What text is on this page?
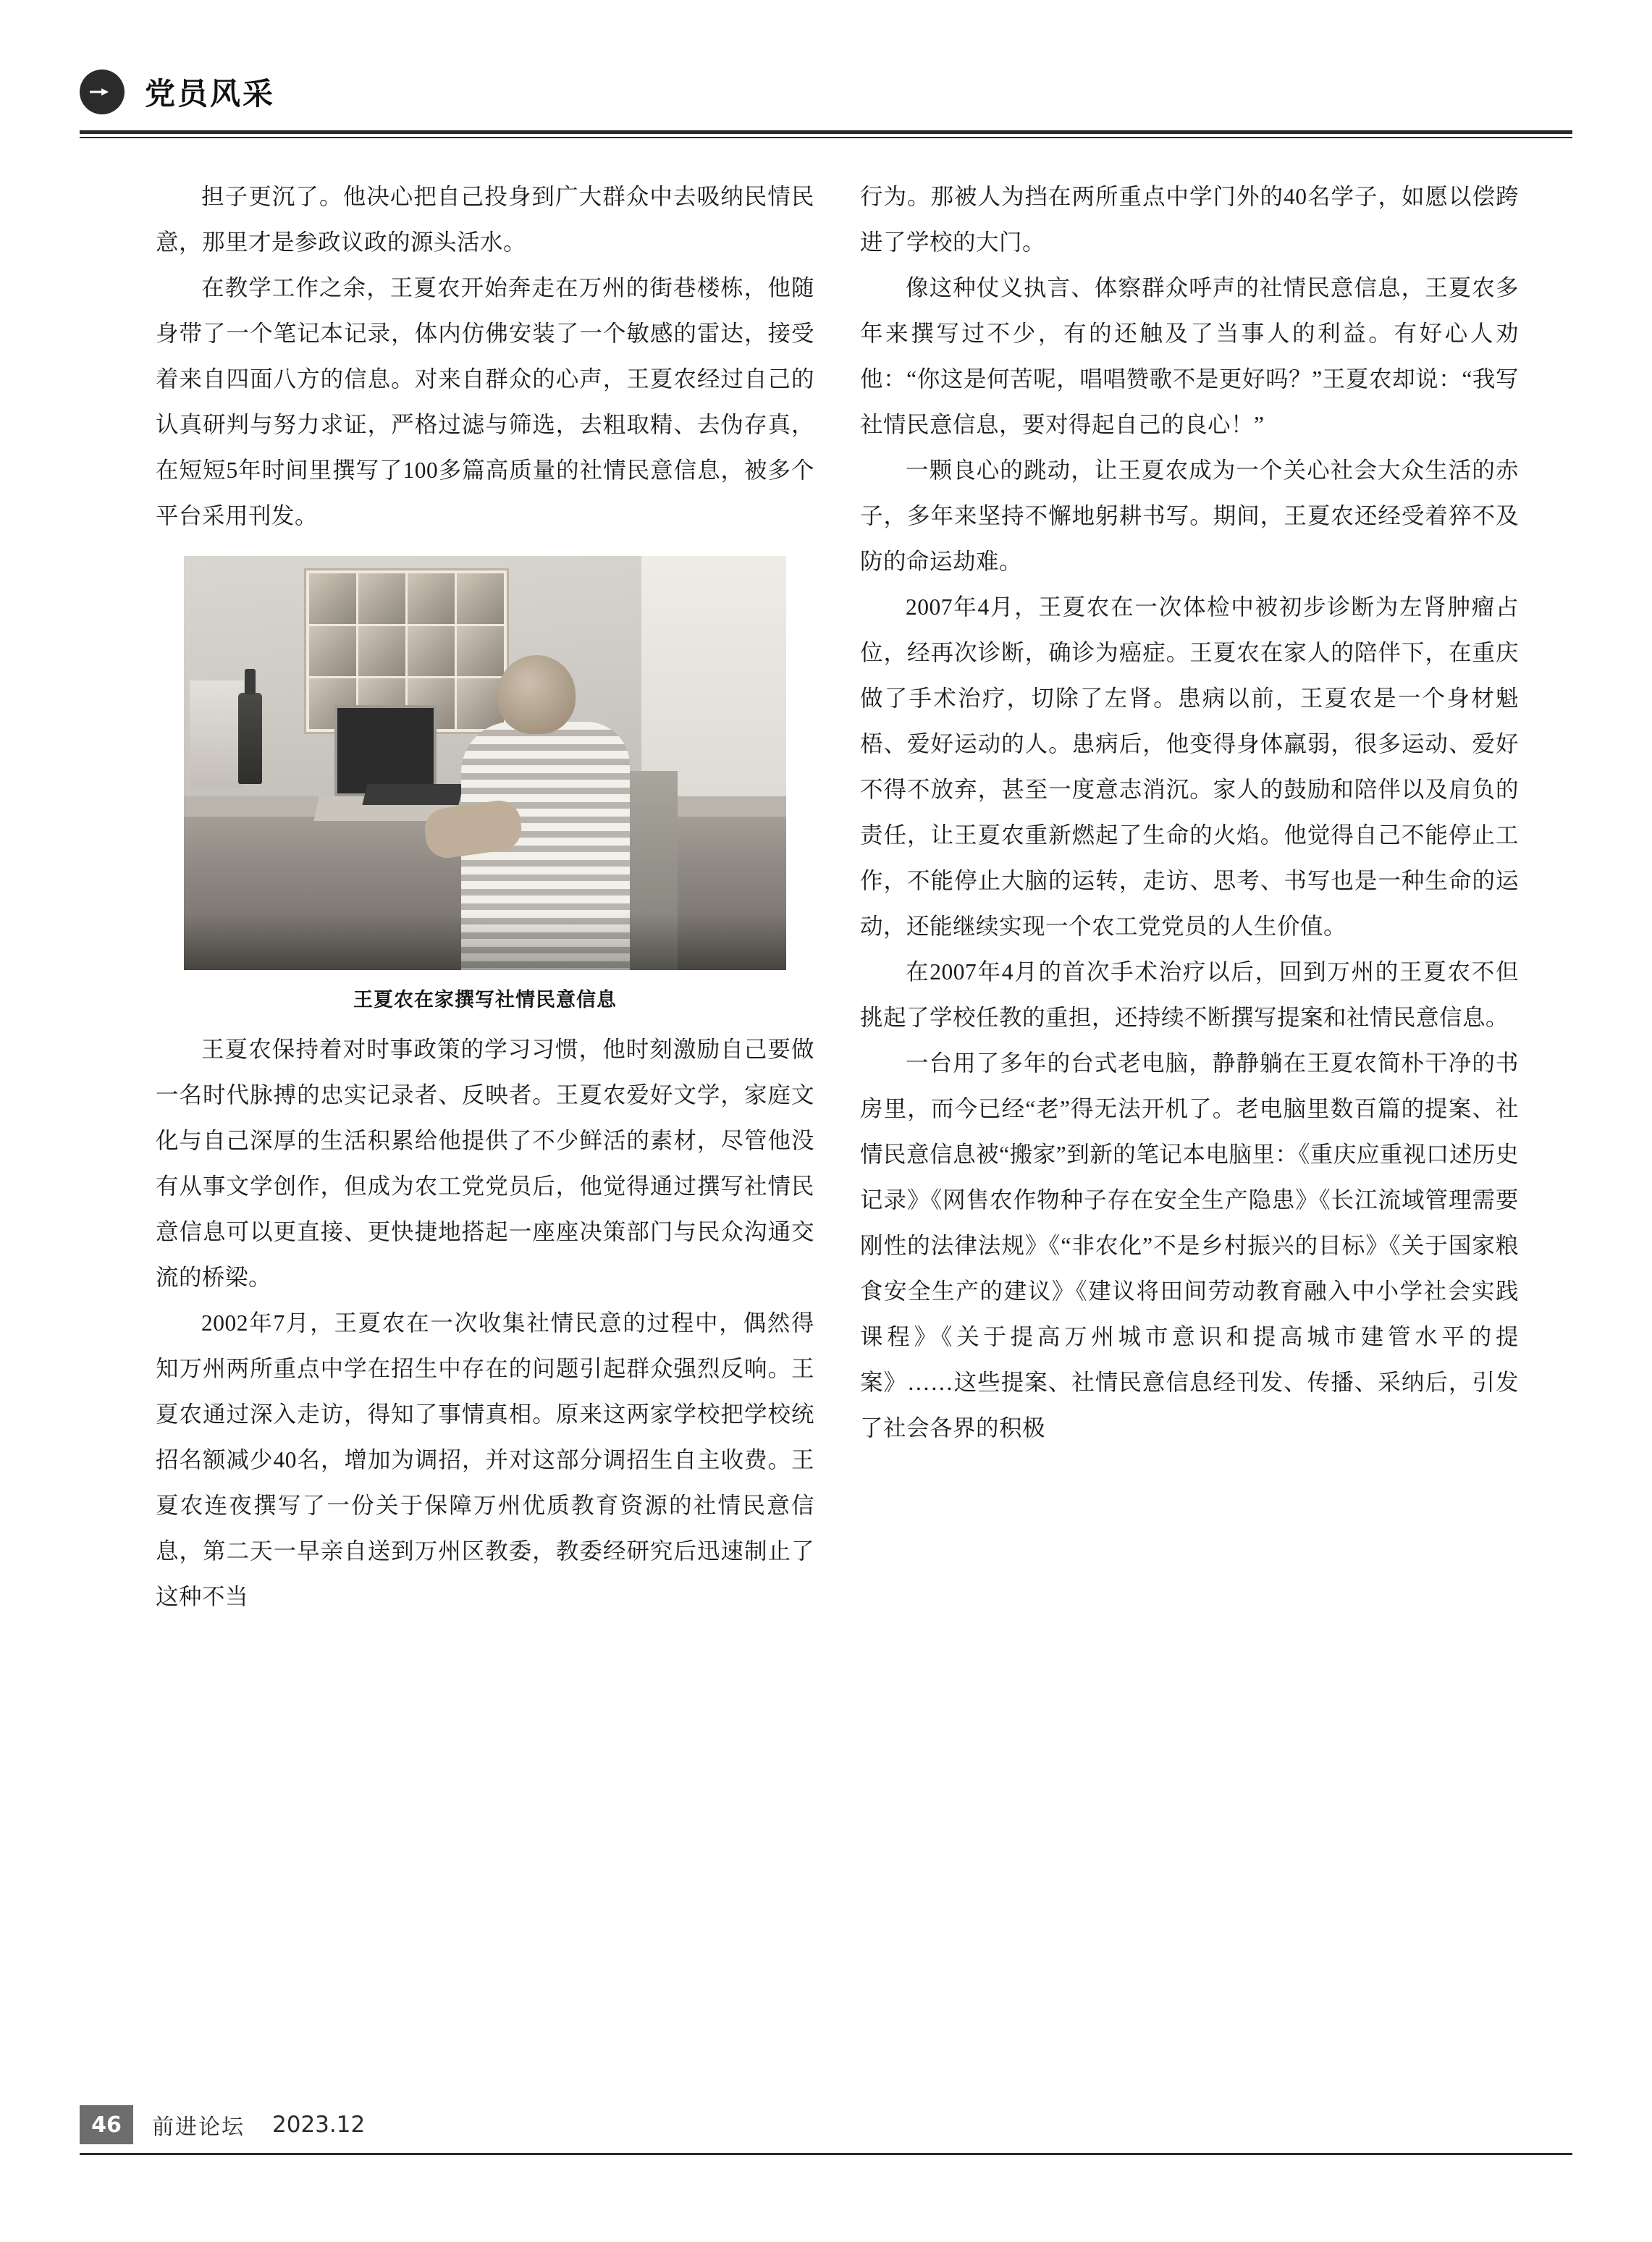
党员风采

担子更沉了。他决心把自己投身到广大群众中去吸纳民情民意，那里才是参政议政的源头活水。

在教学工作之余，王夏农开始奔走在万州的街巷楼栋，他随身带了一个笔记本记录，体内仿佛安装了一个敏感的雷达，接受着来自四面八方的信息。对来自群众的心声，王夏农经过自己的认真研判与努力求证，严格过滤与筛选，去粗取精、去伪存真，在短短5年时间里撰写了100多篇高质量的社情民意信息，被多个平台采用刊发。

王夏农在家撰写社情民意信息

王夏农保持着对时事政策的学习习惯，他时刻激励自己要做一名时代脉搏的忠实记录者、反映者。王夏农爱好文学，家庭文化与自己深厚的生活积累给他提供了不少鲜活的素材，尽管他没有从事文学创作，但成为农工党党员后，他觉得通过撰写社情民意信息可以更直接、更快捷地搭起一座座决策部门与民众沟通交流的桥梁。

2002年7月，王夏农在一次收集社情民意的过程中，偶然得知万州两所重点中学在招生中存在的问题引起群众强烈反响。王夏农通过深入走访，得知了事情真相。原来这两家学校把学校统招名额减少40名，增加为调招，并对这部分调招生自主收费。王夏农连夜撰写了一份关于保障万州优质教育资源的社情民意信息，第二天一早亲自送到万州区教委，教委经研究后迅速制止了这种不当

行为。那被人为挡在两所重点中学门外的40名学子，如愿以偿跨进了学校的大门。

像这种仗义执言、体察群众呼声的社情民意信息，王夏农多年来撰写过不少，有的还触及了当事人的利益。有好心人劝他：“你这是何苦呢，唱唱赞歌不是更好吗？”王夏农却说：“我写社情民意信息，要对得起自己的良心！”

一颗良心的跳动，让王夏农成为一个关心社会大众生活的赤子，多年来坚持不懈地躬耕书写。期间，王夏农还经受着猝不及防的命运劫难。

2007年4月，王夏农在一次体检中被初步诊断为左肾肿瘤占位，经再次诊断，确诊为癌症。王夏农在家人的陪伴下，在重庆做了手术治疗，切除了左肾。患病以前，王夏农是一个身材魁梧、爱好运动的人。患病后，他变得身体羸弱，很多运动、爱好不得不放弃，甚至一度意志消沉。家人的鼓励和陪伴以及肩负的责任，让王夏农重新燃起了生命的火焰。他觉得自己不能停止工作，不能停止大脑的运转，走访、思考、书写也是一种生命的运动，还能继续实现一个农工党党员的人生价值。

在2007年4月的首次手术治疗以后，回到万州的王夏农不但挑起了学校任教的重担，还持续不断撰写提案和社情民意信息。

一台用了多年的台式老电脑，静静躺在王夏农简朴干净的书房里，而今已经“老”得无法开机了。老电脑里数百篇的提案、社情民意信息被“搬家”到新的笔记本电脑里：《重庆应重视口述历史记录》《网售农作物种子存在安全生产隐患》《长江流域管理需要刚性的法律法规》《“非农化”不是乡村振兴的目标》《关于国家粮食安全生产的建议》《建议将田间劳动教育融入中小学社会实践课程》《关于提高万州城市意识和提高城市建管水平的提案》……这些提案、社情民意信息经刊发、传播、采纳后，引发了社会各界的积极

46	前进论坛 2023.12
